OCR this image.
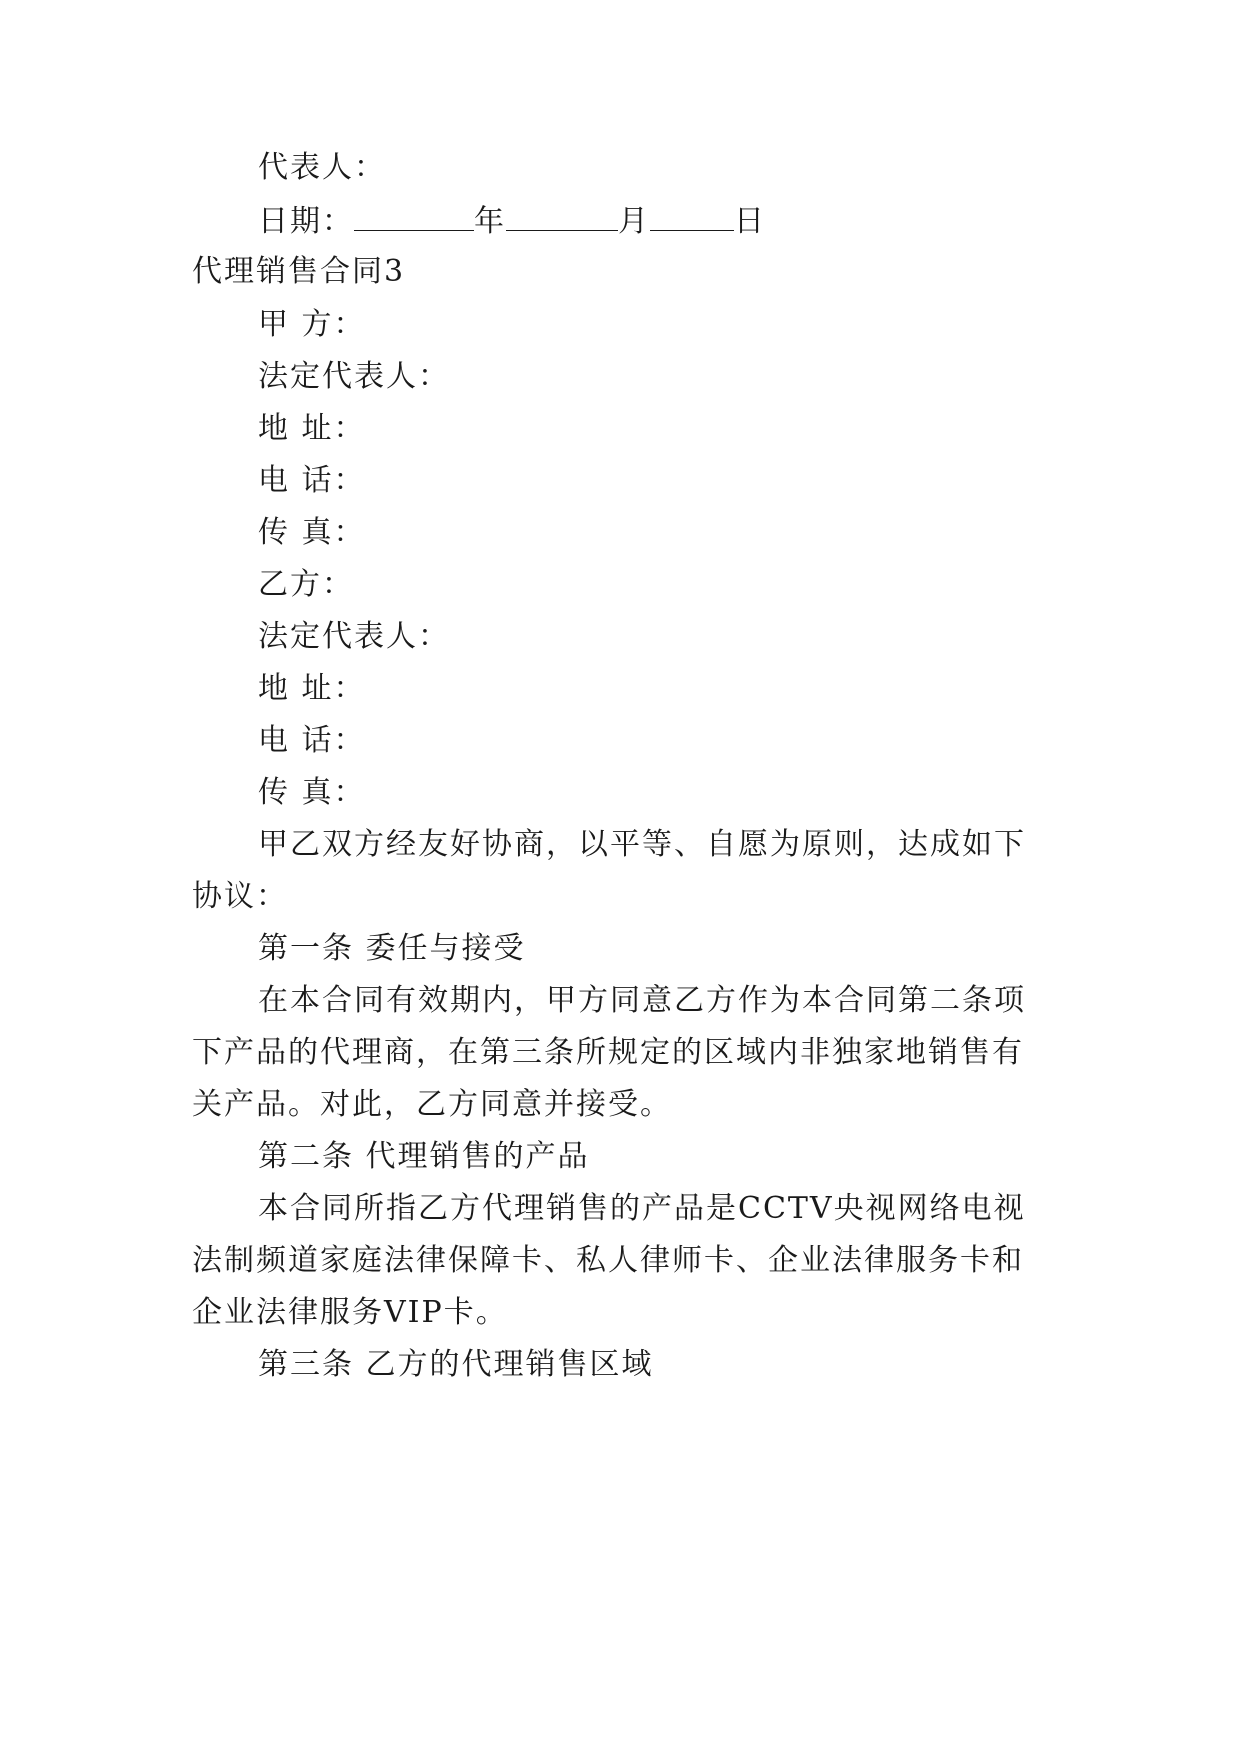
代表人：
日期：	年	月	日
代理销售合同3
甲 方：
法定代表人：
地 址：
电 话：
传 真：
乙方：
法定代表人：
地 址：
电 话：
传 真：
甲乙双方经友好协商，以平等、自愿为原则，达成如下
协议：
第一条 委任与接受
在本合同有效期内，甲方同意乙方作为本合同第二条项
下产品的代理商，在第三条所规定的区域内非独家地销售有
关产品。对此，乙方同意并接受。
第二条 代理销售的产品
本合同所指乙方代理销售的产品是CCTV央视网络电视
法制频道家庭法律保障卡、私人律师卡、企业法律服务卡和
企业法律服务VIP卡。
第三条 乙方的代理销售区域
